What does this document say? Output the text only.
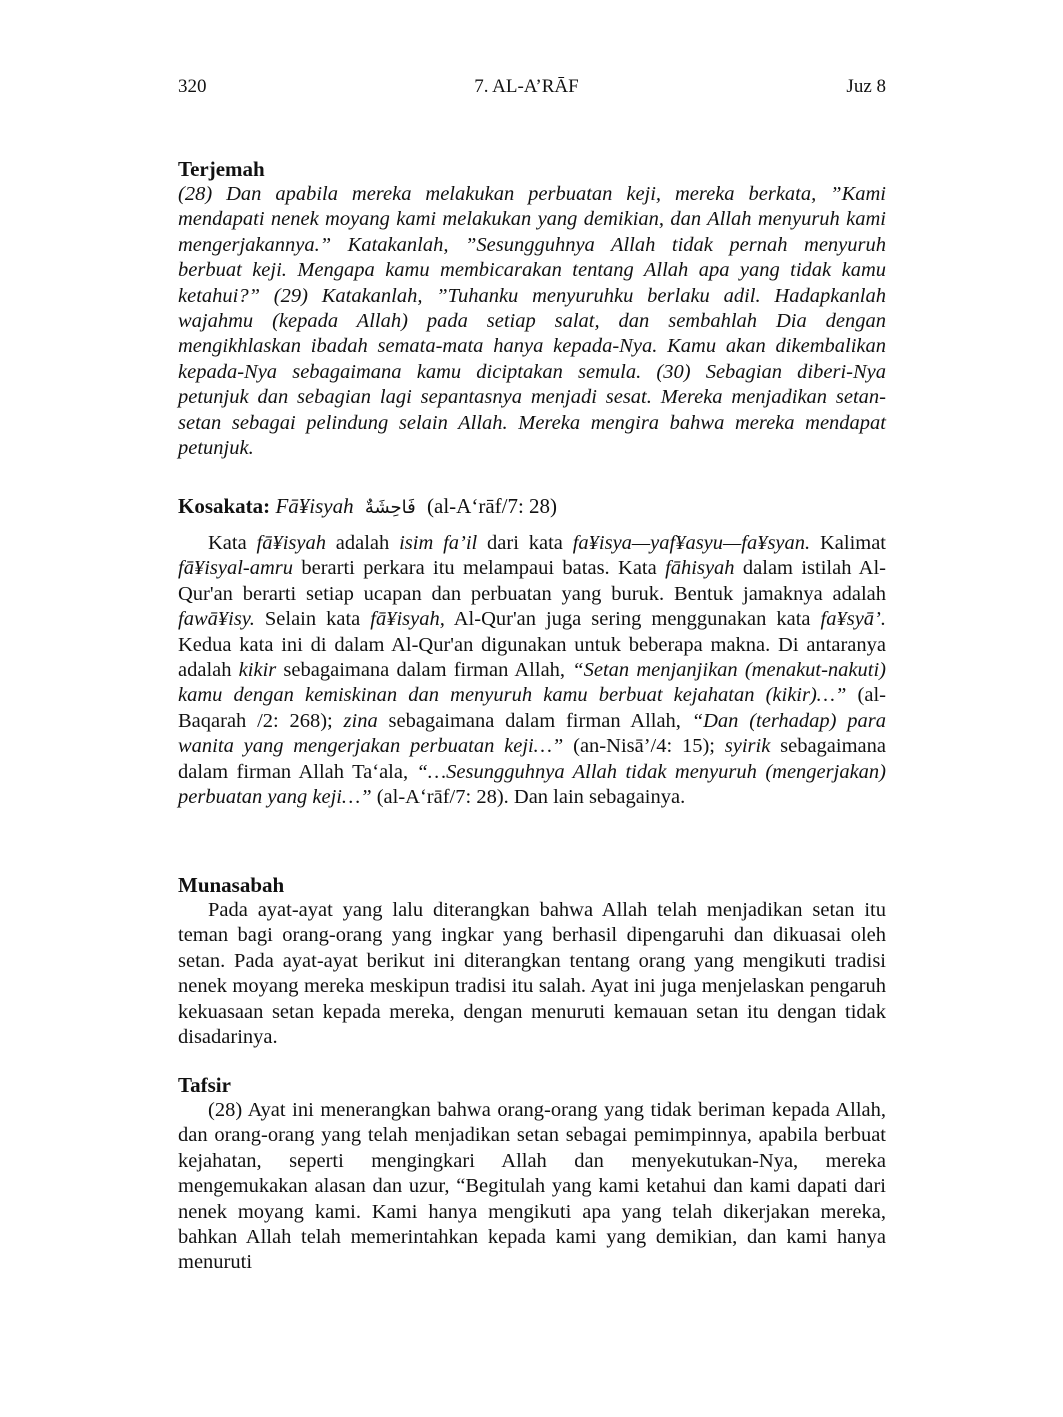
320	7. AL-A’RĀF	Juz 8
Terjemah

(28) Dan apabila mereka melakukan perbuatan keji, mereka berkata, ”Kami mendapati nenek moyang kami melakukan yang demikian, dan Allah menyuruh kami mengerjakannya.” Katakanlah, ”Sesungguhnya Allah tidak pernah menyuruh berbuat keji. Mengapa kamu membicarakan tentang Allah apa yang tidak kamu ketahui?” (29) Katakanlah, ”Tuhanku menyuruhku berlaku adil. Hadapkanlah wajahmu (kepada Allah) pada setiap salat, dan sembahlah Dia dengan mengikhlaskan ibadah semata-mata hanya kepada-Nya. Kamu akan dikembalikan kepada-Nya sebagaimana kamu diciptakan semula. (30) Sebagian diberi-Nya petunjuk dan sebagian lagi sepantasnya menjadi sesat. Mereka menjadikan setan-setan sebagai pelindung selain Allah. Mereka mengira bahwa mereka mendapat petunjuk.

Kosakata: Fā¥isyah فَاحِشَةٌ (al-A‘rāf/7: 28)

Kata fā¥isyah adalah isim fa’il dari kata fa¥isya—yaf¥asyu—fa¥syan. Kalimat fā¥isyal-amru berarti perkara itu melampaui batas. Kata fāhisyah dalam istilah Al-Qur'an berarti setiap ucapan dan perbuatan yang buruk. Bentuk jamaknya adalah fawā¥isy. Selain kata fā¥isyah, Al-Qur'an juga sering menggunakan kata fa¥syā’. Kedua kata ini di dalam Al-Qur'an digunakan untuk beberapa makna. Di antaranya adalah kikir sebagaimana dalam firman Allah, “Setan menjanjikan (menakut-nakuti) kamu dengan kemiskinan dan menyuruh kamu berbuat kejahatan (kikir)…” (al-Baqarah /2: 268); zina sebagaimana dalam firman Allah, “Dan (terhadap) para wanita yang mengerjakan perbuatan keji…” (an-Nisā’/4: 15); syirik sebagaimana dalam firman Allah Ta‘ala, “…Sesungguhnya Allah tidak menyuruh (mengerjakan) perbuatan yang keji…” (al-A‘rāf/7: 28). Dan lain sebagainya.

Munasabah

Pada ayat-ayat yang lalu diterangkan bahwa Allah telah menjadikan setan itu teman bagi orang-orang yang ingkar yang berhasil dipengaruhi dan dikuasai oleh setan. Pada ayat-ayat berikut ini diterangkan tentang orang yang mengikuti tradisi nenek moyang mereka meskipun tradisi itu salah. Ayat ini juga menjelaskan pengaruh kekuasaan setan kepada mereka, dengan menuruti kemauan setan itu dengan tidak disadarinya.

Tafsir

(28) Ayat ini menerangkan bahwa orang-orang yang tidak beriman kepada Allah, dan orang-orang yang telah menjadikan setan sebagai pemimpinnya, apabila berbuat kejahatan, seperti mengingkari Allah dan menyekutukan-Nya, mereka mengemukakan alasan dan uzur, “Begitulah yang kami ketahui dan kami dapati dari nenek moyang kami. Kami hanya mengikuti apa yang telah dikerjakan mereka, bahkan Allah telah memerintahkan kepada kami yang demikian, dan kami hanya menuruti
